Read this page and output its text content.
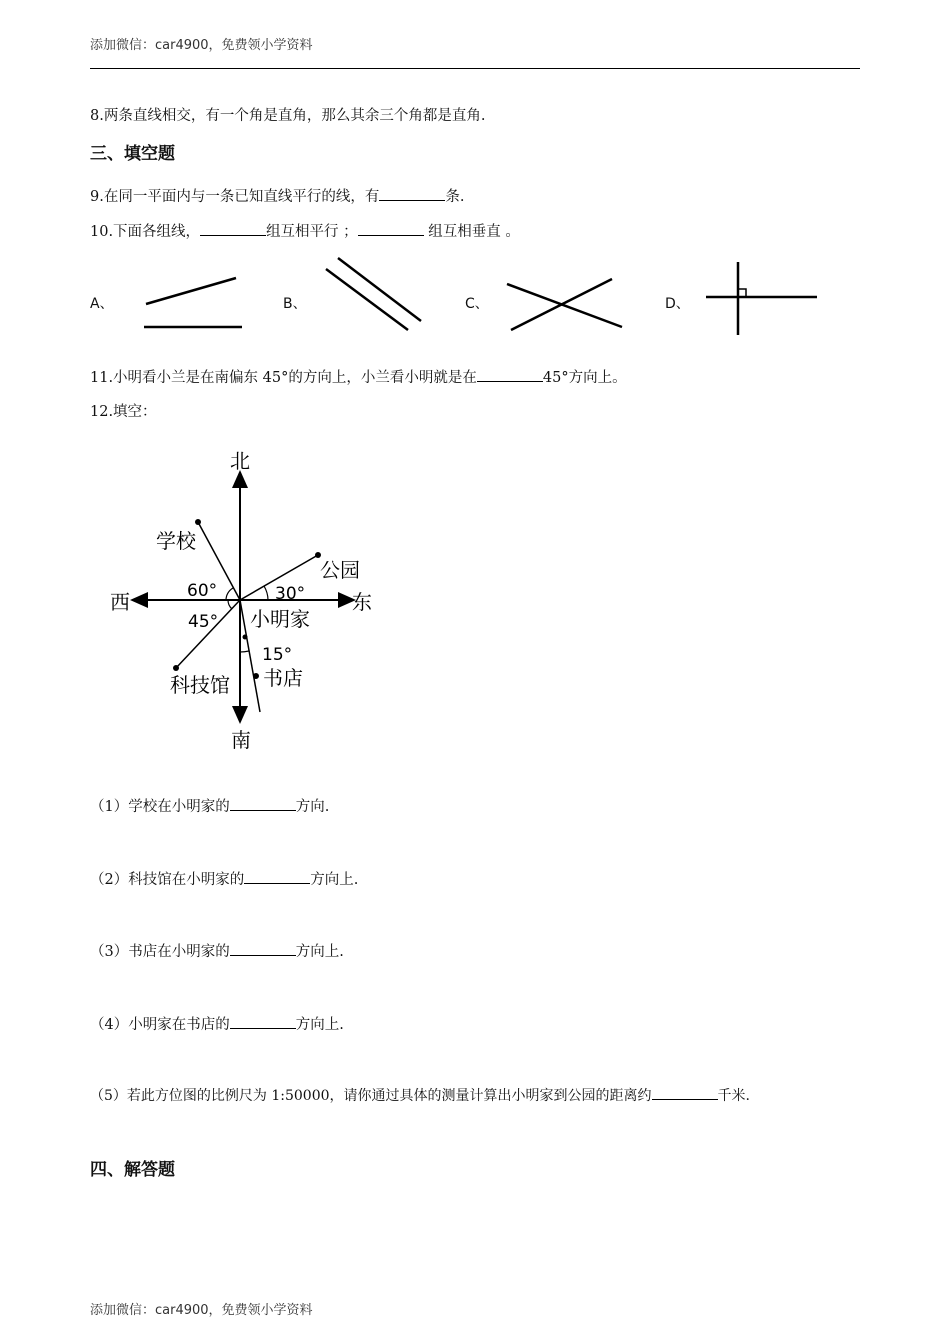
添加微信：car4900，免费领小学资料
8.两条直线相交，有一个角是直角，那么其余三个角都是直角.
三、填空题
9.在同一平面内与一条已知直线平行的线，有	条.
10.下面各组线，	组互相平行 ；	组互相垂直 。
A、	B、	C、	D、
11.小明看小兰是在南偏东 45°的方向上，小兰看小明就是在	45°方向上。
12.填空：
北
南
东
西
学校
公园
科技馆 书店
小明家
60°	30°
45°
15°
（1）学校在小明家的	方向.
（2）科技馆在小明家的	方向上.
（3）书店在小明家的	方向上.
（4）小明家在书店的	方向上.
（5）若此方位图的比例尺为 1:50000，请你通过具体的测量计算出小明家到公园的距离约	千米.
四、解答题
添加微信：car4900，免费领小学资料
